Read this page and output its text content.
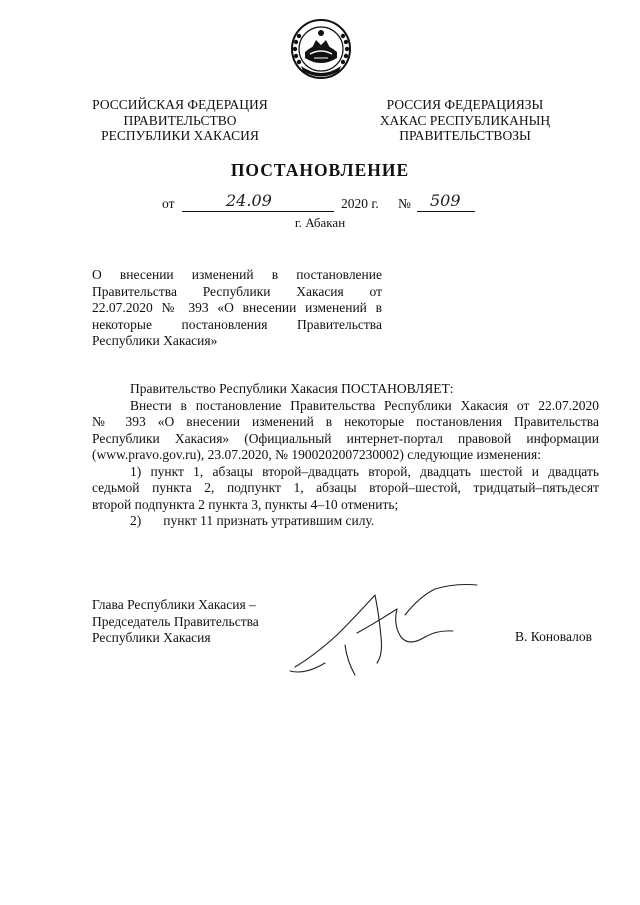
РОССИЙСКАЯ ФЕДЕРАЦИЯ
ПРАВИТЕЛЬСТВО
РЕСПУБЛИКИ ХАКАСИЯ
РОССИЯ ФЕДЕРАЦИЯЗЫ
ХАКАС РЕСПУБЛИКАНЫҢ
ПРАВИТЕЛЬСТВОЗЫ
ПОСТАНОВЛЕНИЕ
от	24.09	2020 г. № 509
г. Абакан
О внесении изменений в постановление
Правительства Республики Хакасия от
22.07.2020 № 393 «О внесении изменений в
некоторые постановления Правительства
Республики Хакасия»
Правительство Республики Хакасия ПОСТАНОВЛЯЕТ:
Внести в постановление Правительства Республики Хакасия от 22.07.2020
№ 393 «О внесении изменений в некоторые постановления Правительства
Республики Хакасия» (Официальный интернет-портал правовой информации
(www.pravo.gov.ru), 23.07.2020, № 1900202007230002) следующие изменения:
1) пункт 1, абзацы второй–двадцать второй, двадцать шестой и двадцать
седьмой пункта 2, подпункт 1, абзацы второй–шестой, тридцатый–пятьдесят
второй подпункта 2 пункта 3, пункты 4–10 отменить;
2) пункт 11 признать утратившим силу.
Глава Республики Хакасия –
Председатель Правительства
Республики Хакасия	В. Коновалов
